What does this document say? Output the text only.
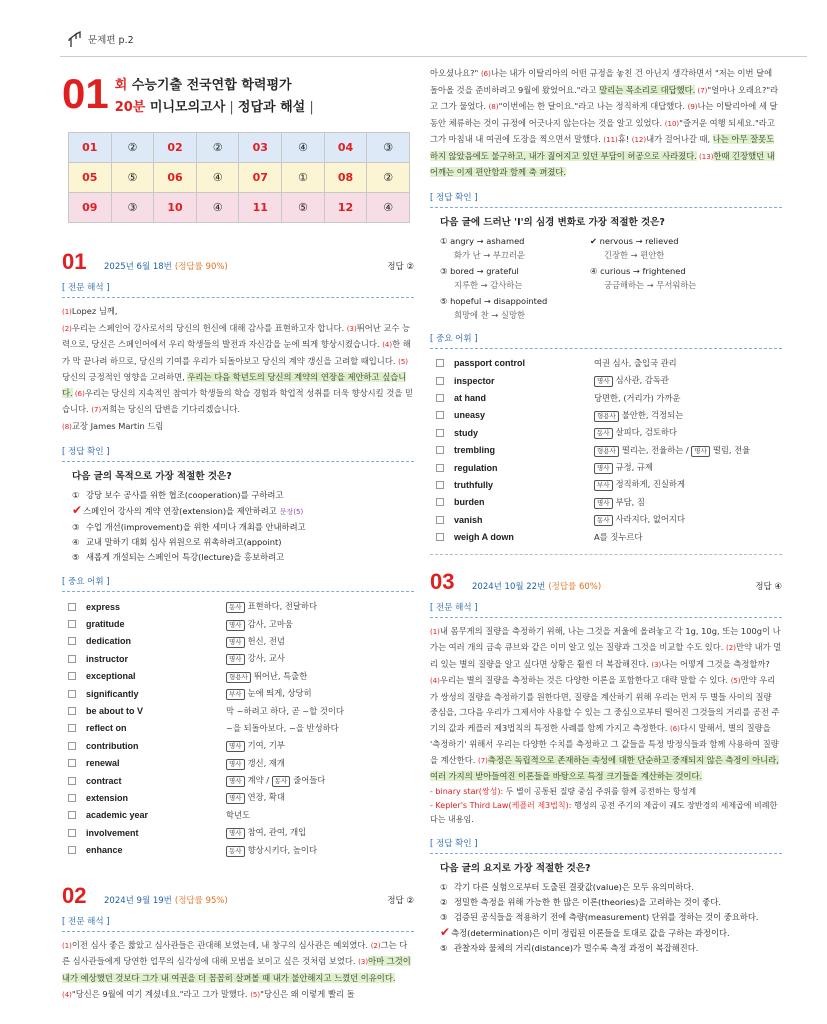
문제편 p.2
01 회 수능기출 전국연합 학력평가
20분 미니모의고사 | 정답과 해설 |
01	②	02	②	03	④	04	③
05	⑤	06	④	07	①	08	②
09	③	10	④	11	⑤	12	④
01	2025년 6월 18번 (정답률 90%)	정답 ②
[ 전문 해석 ]
(1)Lopez 님께,
(2)우리는 스페인어 강사로서의 당신의 헌신에 대해 감사를 표현하고자 합니다. (3)뛰어난 교수 능력으로, 당신은 스페인어에서 우리 학생들의 발전과 자신감을 눈에 띄게 향상시켰습니다. (4)한 해가 막 끝나려 하므로, 당신의 기여를 우리가 되돌아보고 당신의 계약 갱신을 고려할 때입니다. (5)당신의 긍정적인 영향을 고려하면, 우리는 다음 학년도의 당신의 계약의 연장을 제안하고 싶습니다. (6)우리는 당신의 지속적인 참여가 학생들의 학습 경험과 학업적 성취를 더욱 향상시킬 것을 믿습니다. (7)저희는 당신의 답변을 기다리겠습니다.
(8)교장 James Martin 드림
[ 정답 확인 ]
다음 글의 목적으로 가장 적절한 것은?
① 강당 보수 공사를 위한 협조(cooperation)를 구하려고
✔스페인어 강사의 계약 연장(extension)을 제안하려고 문장(5)
③ 수업 개선(improvement)을 위한 세미나 개최를 안내하려고
④ 교내 말하기 대회 심사 위원으로 위촉하려고(appoint)
⑤ 새롭게 개설되는 스페인어 특강(lecture)을 홍보하려고
[ 중요 어휘 ]
express	동사 표현하다, 전달하다
gratitude	명사 감사, 고마움
dedication	명사 헌신, 전념
instructor	명사 강사, 교사
exceptional	형용사 뛰어난, 특출한
significantly	부사 눈에 띄게, 상당히
be about to V	막 ~하려고 하다, 곧 ~할 것이다
reflect on	~을 되돌아보다, ~을 반성하다
contribution	명사 기여, 기부
renewal	명사 갱신, 재개
contract	명사 계약 / 동사 줄어들다
extension	명사 연장, 확대
academic year	학년도
involvement	명사 참여, 관여, 개입
enhance	동사 향상시키다, 높이다
02	2024년 9월 19번 (정답률 95%)	정답 ②
[ 전문 해석 ]
(1)이전 심사 좋은 짧았고 심사관들은 관대해 보였는데, 내 창구의 심사관은 예외였다. (2)그는 다른 심사관들에게 당연한 업무의 심각성에 대해 모범을 보이고 싶은 것처럼 보였다. (3)아마 그것이 내가 예상했던 것보다 그가 내 여권을 더 꼼꼼히 살펴볼 때 내가 불안해지고 느꼈던 이유이다. (4)"당신은 9월에 여기 계셨네요."라고 그가 말했다. (5)"당신은 왜 이렇게 빨리 돌
아오셨나요?" (6)나는 내가 이탈리아의 어떤 규정을 놓친 건 아닌지 생각하면서 "저는 이번 달에 돌아올 것을 준비하려고 9월에 왔었어요."라고 말리는 목소리로 대답했다. (7)"얼마나 오래요?"라고 그가 물었다. (8)"이번에는 한 달이요."라고 나는 정직하게 대답했다. (9)나는 이탈리아에 세 달 동안 체류하는 것이 규정에 어긋나지 않는다는 것을 알고 있었다. (10)"즐거운 여행 되세요."라고 그가 마침내 내 여권에 도장을 찍으면서 말했다. (11)휴! (12)내가 걸어나갈 때, 나는 아무 잘못도 하지 않았음에도 불구하고, 내가 짊어지고 있던 부담이 허공으로 사라졌다. (13)한때 긴장했던 내 어깨는 이제 편안함과 함께 축 펴졌다.
[ 정답 확인 ]
다음 글에 드러난 'I'의 심경 변화로 가장 적절한 것은?
① angry → ashamed
화가 난 → 부끄러운
✔ nervous → relieved
긴장한 → 편안한
③ bored → grateful
지루한 → 감사하는
④ curious → frightened
궁금해하는 → 무서워하는
⑤ hopeful → disappointed
희망에 찬 → 실망한
[ 중요 어휘 ]
passport control	여권 심사, 출입국 관리
inspector	명사 심사관, 감독관
at hand	당면한, (거리가) 가까운
uneasy	형용사 불안한, 걱정되는
study	동사 살피다, 검토하다
trembling	형용사 떨리는, 전율하는 / 명사 떨림, 전율
regulation	명사 규정, 규제
truthfully	부사 정직하게, 진실하게
burden	명사 부담, 짐
vanish	동사 사라지다, 없어지다
weigh A down	A를 짓누르다
03	2024년 10월 22번 (정답률 60%)	정답 ④
[ 전문 해석 ]
(1)내 몸무게의 질량을 측정하기 위해, 나는 그것을 저울에 올려놓고 각 1g, 10g, 또는 100g이 나가는 여러 개의 금속 큐브와 같은 이미 알고 있는 질량과 그것을 비교할 수도 있다. (2)만약 내가 멀리 있는 별의 질량을 알고 싶다면 상황은 훨씬 더 복잡해진다. (3)나는 어떻게 그것을 측정할까? (4)우리는 별의 질량을 측정하는 것은 다양한 이론을 포함한다고 대략 말할 수 있다. (5)만약 우리가 쌍성의 질량을 측정하기를 원한다면, 질량을 계산하기 위해 우리는 먼저 두 별들 사이의 질량 중심을, 그다음 우리가 그제서야 사용할 수 있는 그 중심으로부터 떨어진 그것들의 거리를 공전 주기의 값과 케플러 제3법칙의 특정한 사례를 함께 가지고 측정한다. (6)다시 말해서, 별의 질량을 '측정하기' 위해서 우리는 다양한 수치를 측정하고 그 값들을 특정 방정식들과 함께 사용하여 질량을 계산한다. (7)측정은 독립적으로 존재하는 속성에 대한 단순하고 중재되지 않은 측정이 아니라, 여러 가지의 받아들여진 이론들을 바탕으로 특정 크기들을 계산하는 것이다.
- binary star(쌍성): 두 별이 공통된 질량 중심 주위를 함께 공전하는 항성계
- Kepler's Third Law(케플러 제3법칙): 행성의 공전 주기의 제곱이 궤도 장반경의 세제곱에 비례한다는 내용임.
[ 정답 확인 ]
다음 글의 요지로 가장 적절한 것은?
① 각기 다른 실험으로부터 도출된 결괏값(value)은 모두 유의미하다.
② 정밀한 측정을 위해 가능한 한 많은 이론(theories)을 고려하는 것이 좋다.
③ 검증된 공식들을 적용하기 전에 측량(measurement) 단위를 정하는 것이 중요하다.
✔측정(determination)은 이미 정립된 이론들을 토대로 값을 구하는 과정이다.
⑤ 관찰자와 물체의 거리(distance)가 멀수록 측정 과정이 복잡해진다.
